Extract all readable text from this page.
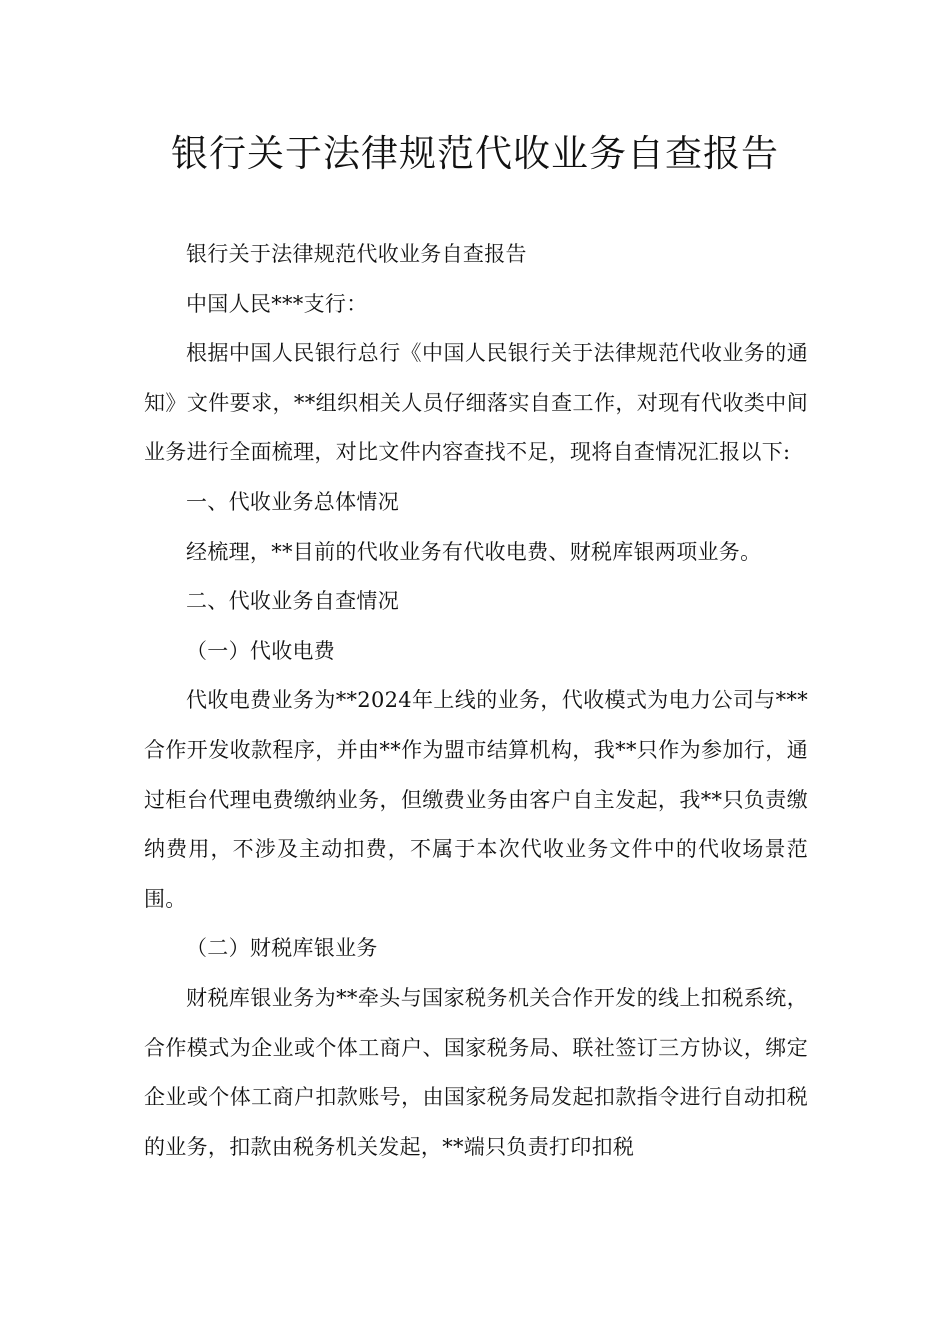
银行关于法律规范代收业务自查报告

银行关于法律规范代收业务自查报告

中国人民***支行：

根据中国人民银行总行《中国人民银行关于法律规范代收业务的通知》文件要求，**组织相关人员仔细落实自查工作，对现有代收类中间业务进行全面梳理，对比文件内容查找不足，现将自查情况汇报以下:

一、代收业务总体情况

经梳理，**目前的代收业务有代收电费、财税库银两项业务。

二、代收业务自查情况

（一）代收电费

代收电费业务为**2024年上线的业务，代收模式为电力公司与***合作开发收款程序，并由**作为盟市结算机构，我**只作为参加行，通过柜台代理电费缴纳业务，但缴费业务由客户自主发起，我**只负责缴纳费用，不涉及主动扣费，不属于本次代收业务文件中的代收场景范围。

（二）财税库银业务

财税库银业务为**牵头与国家税务机关合作开发的线上扣税系统，合作模式为企业或个体工商户、国家税务局、联社签订三方协议，绑定企业或个体工商户扣款账号，由国家税务局发起扣款指令进行自动扣税的业务，扣款由税务机关发起，**端只负责打印扣税
